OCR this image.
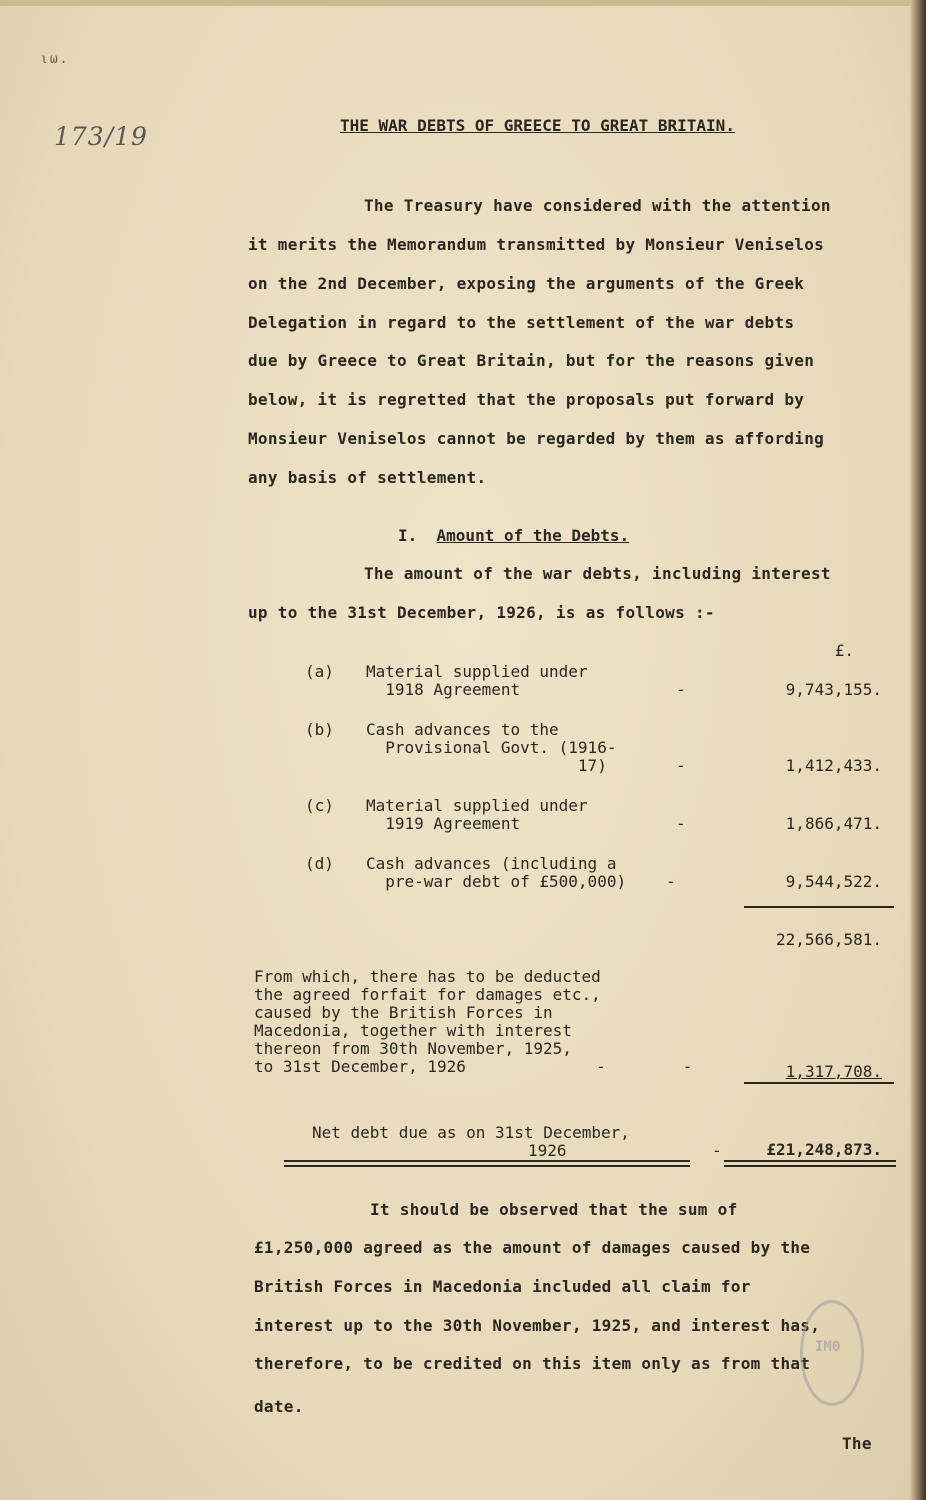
ιω.
173/19	THE WAR DEBTS OF GREECE TO GREAT BRITAIN.
The Treasury have considered with the attention
it merits the Memorandum transmitted by Monsieur Veniselos
on the 2nd December, exposing the arguments of the Greek
Delegation in regard to the settlement of the war debts
due by Greece to Great Britain, but for the reasons given
below, it is regretted that the proposals put forward by
Monsieur Veniselos cannot be regarded by them as affording
any basis of settlement.
I. Amount of the Debts.
The amount of the war debts, including interest
up to the 31st December, 1926, is as follows :-
£.
(a) Material supplied under
1918 Agreement	-	9,743,155.
(b) Cash advances to the
Provisional Govt. (1916-
17)	-	1,412,433.
(c) Material supplied under
1919 Agreement	-	1,866,471.
(d) Cash advances (including a
pre-war debt of £500,000) -	9,544,522.
22,566,581.
From which, there has to be deducted
the agreed forfait for damages etc.,
caused by the British Forces in
Macedonia, together with interest
thereon from 30th November, 1925,
to 31st December, 1926	-        -	1,317,708.
Net debt due as on 31st December,
1926	-	£21,248,873.
It should be observed that the sum of
£1,250,000 agreed as the amount of damages caused by the
British Forces in Macedonia included all claim for
interest up to the 30th November, 1925, and interest has,
therefore, to be credited on this item only as from that
date.
The
ΙΜΘ
